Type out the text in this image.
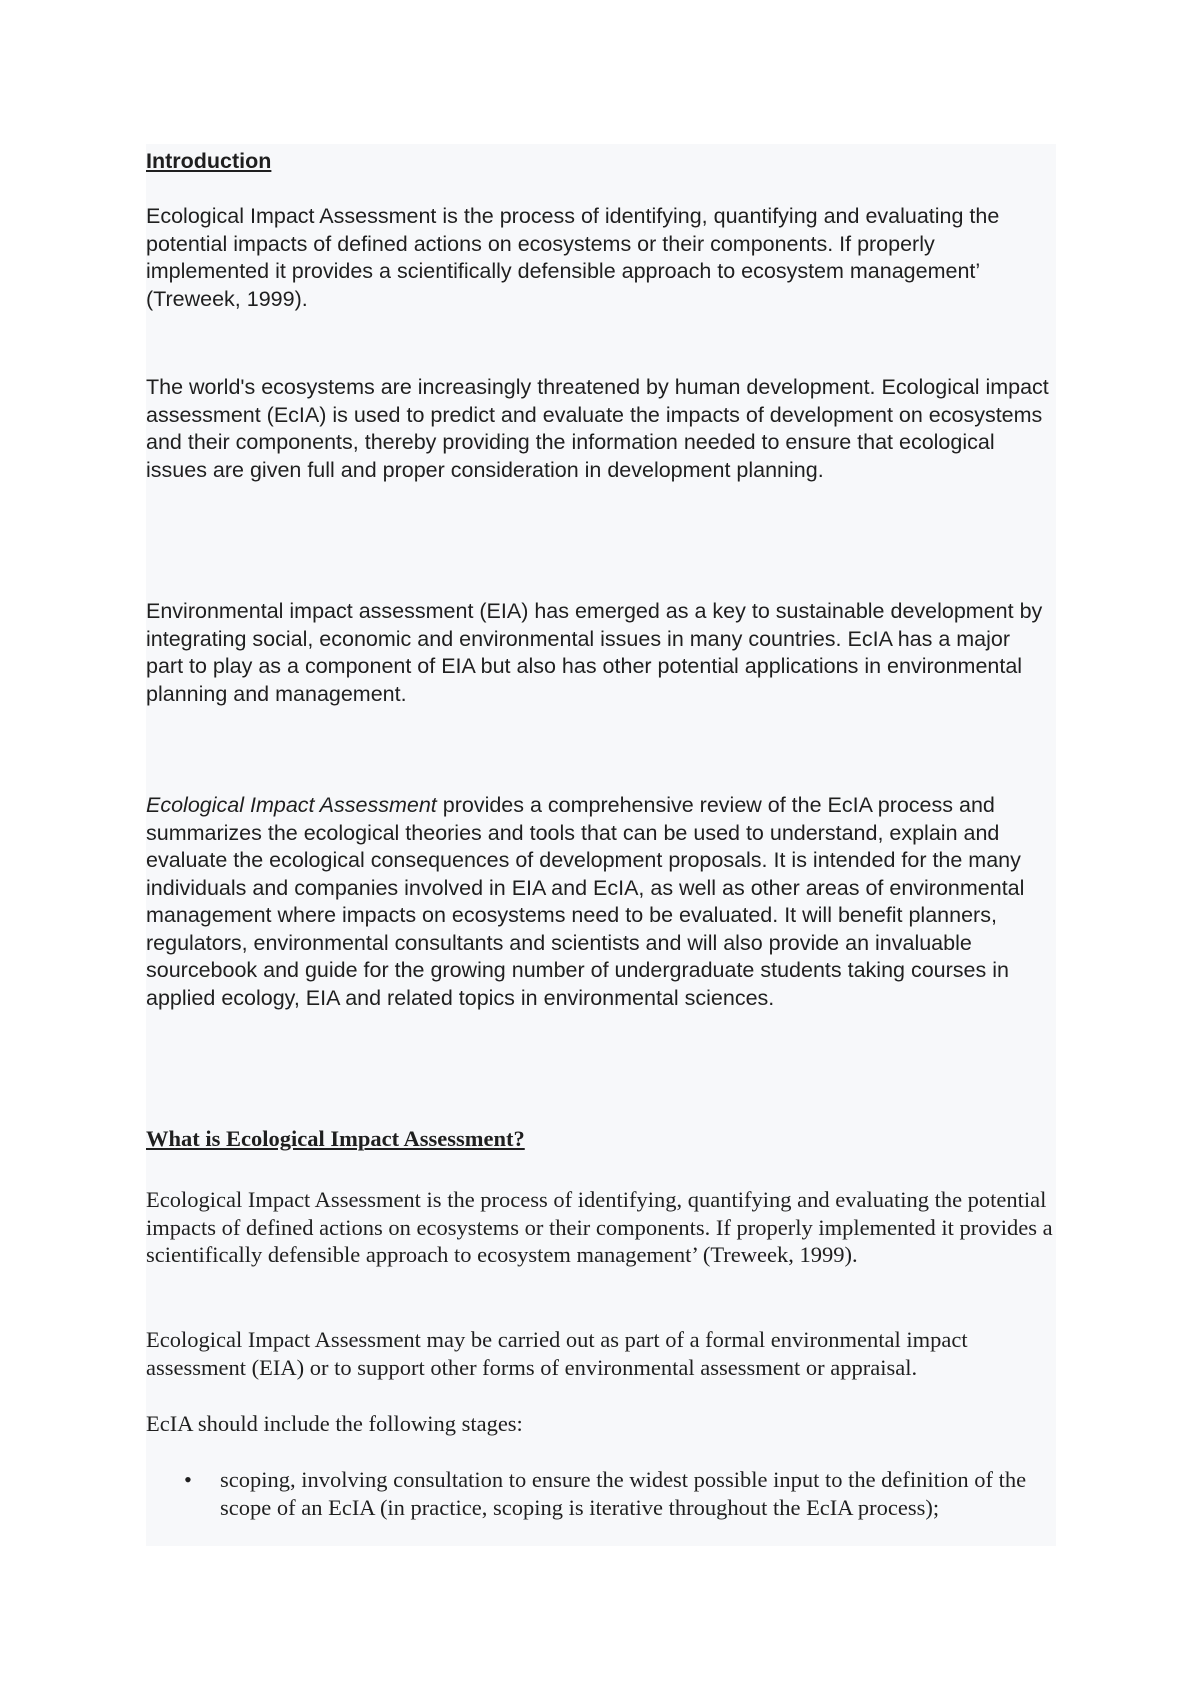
Introduction

Ecological Impact Assessment is the process of identifying, quantifying and evaluating the potential impacts of defined actions on ecosystems or their components. If properly implemented it provides a scientifically defensible approach to ecosystem management’ (Treweek, 1999).

The world's ecosystems are increasingly threatened by human development. Ecological impact assessment (EcIA) is used to predict and evaluate the impacts of development on ecosystems and their components, thereby providing the information needed to ensure that ecological issues are given full and proper consideration in development planning.

Environmental impact assessment (EIA) has emerged as a key to sustainable development by integrating social, economic and environmental issues in many countries. EcIA has a major part to play as a component of EIA but also has other potential applications in environmental planning and management.

Ecological Impact Assessment provides a comprehensive review of the EcIA process and summarizes the ecological theories and tools that can be used to understand, explain and evaluate the ecological consequences of development proposals. It is intended for the many individuals and companies involved in EIA and EcIA, as well as other areas of environmental management where impacts on ecosystems need to be evaluated. It will benefit planners, regulators, environmental consultants and scientists and will also provide an invaluable sourcebook and guide for the growing number of undergraduate students taking courses in applied ecology, EIA and related topics in environmental sciences.

What is Ecological Impact Assessment?

Ecological Impact Assessment is the process of identifying, quantifying and evaluating the potential impacts of defined actions on ecosystems or their components. If properly implemented it provides a scientifically defensible approach to ecosystem management’ (Treweek, 1999).

Ecological Impact Assessment may be carried out as part of a formal environmental impact assessment (EIA) or to support other forms of environmental assessment or appraisal.

EcIA should include the following stages:

• scoping, involving consultation to ensure the widest possible input to the definition of the scope of an EcIA (in practice, scoping is iterative throughout the EcIA process);
